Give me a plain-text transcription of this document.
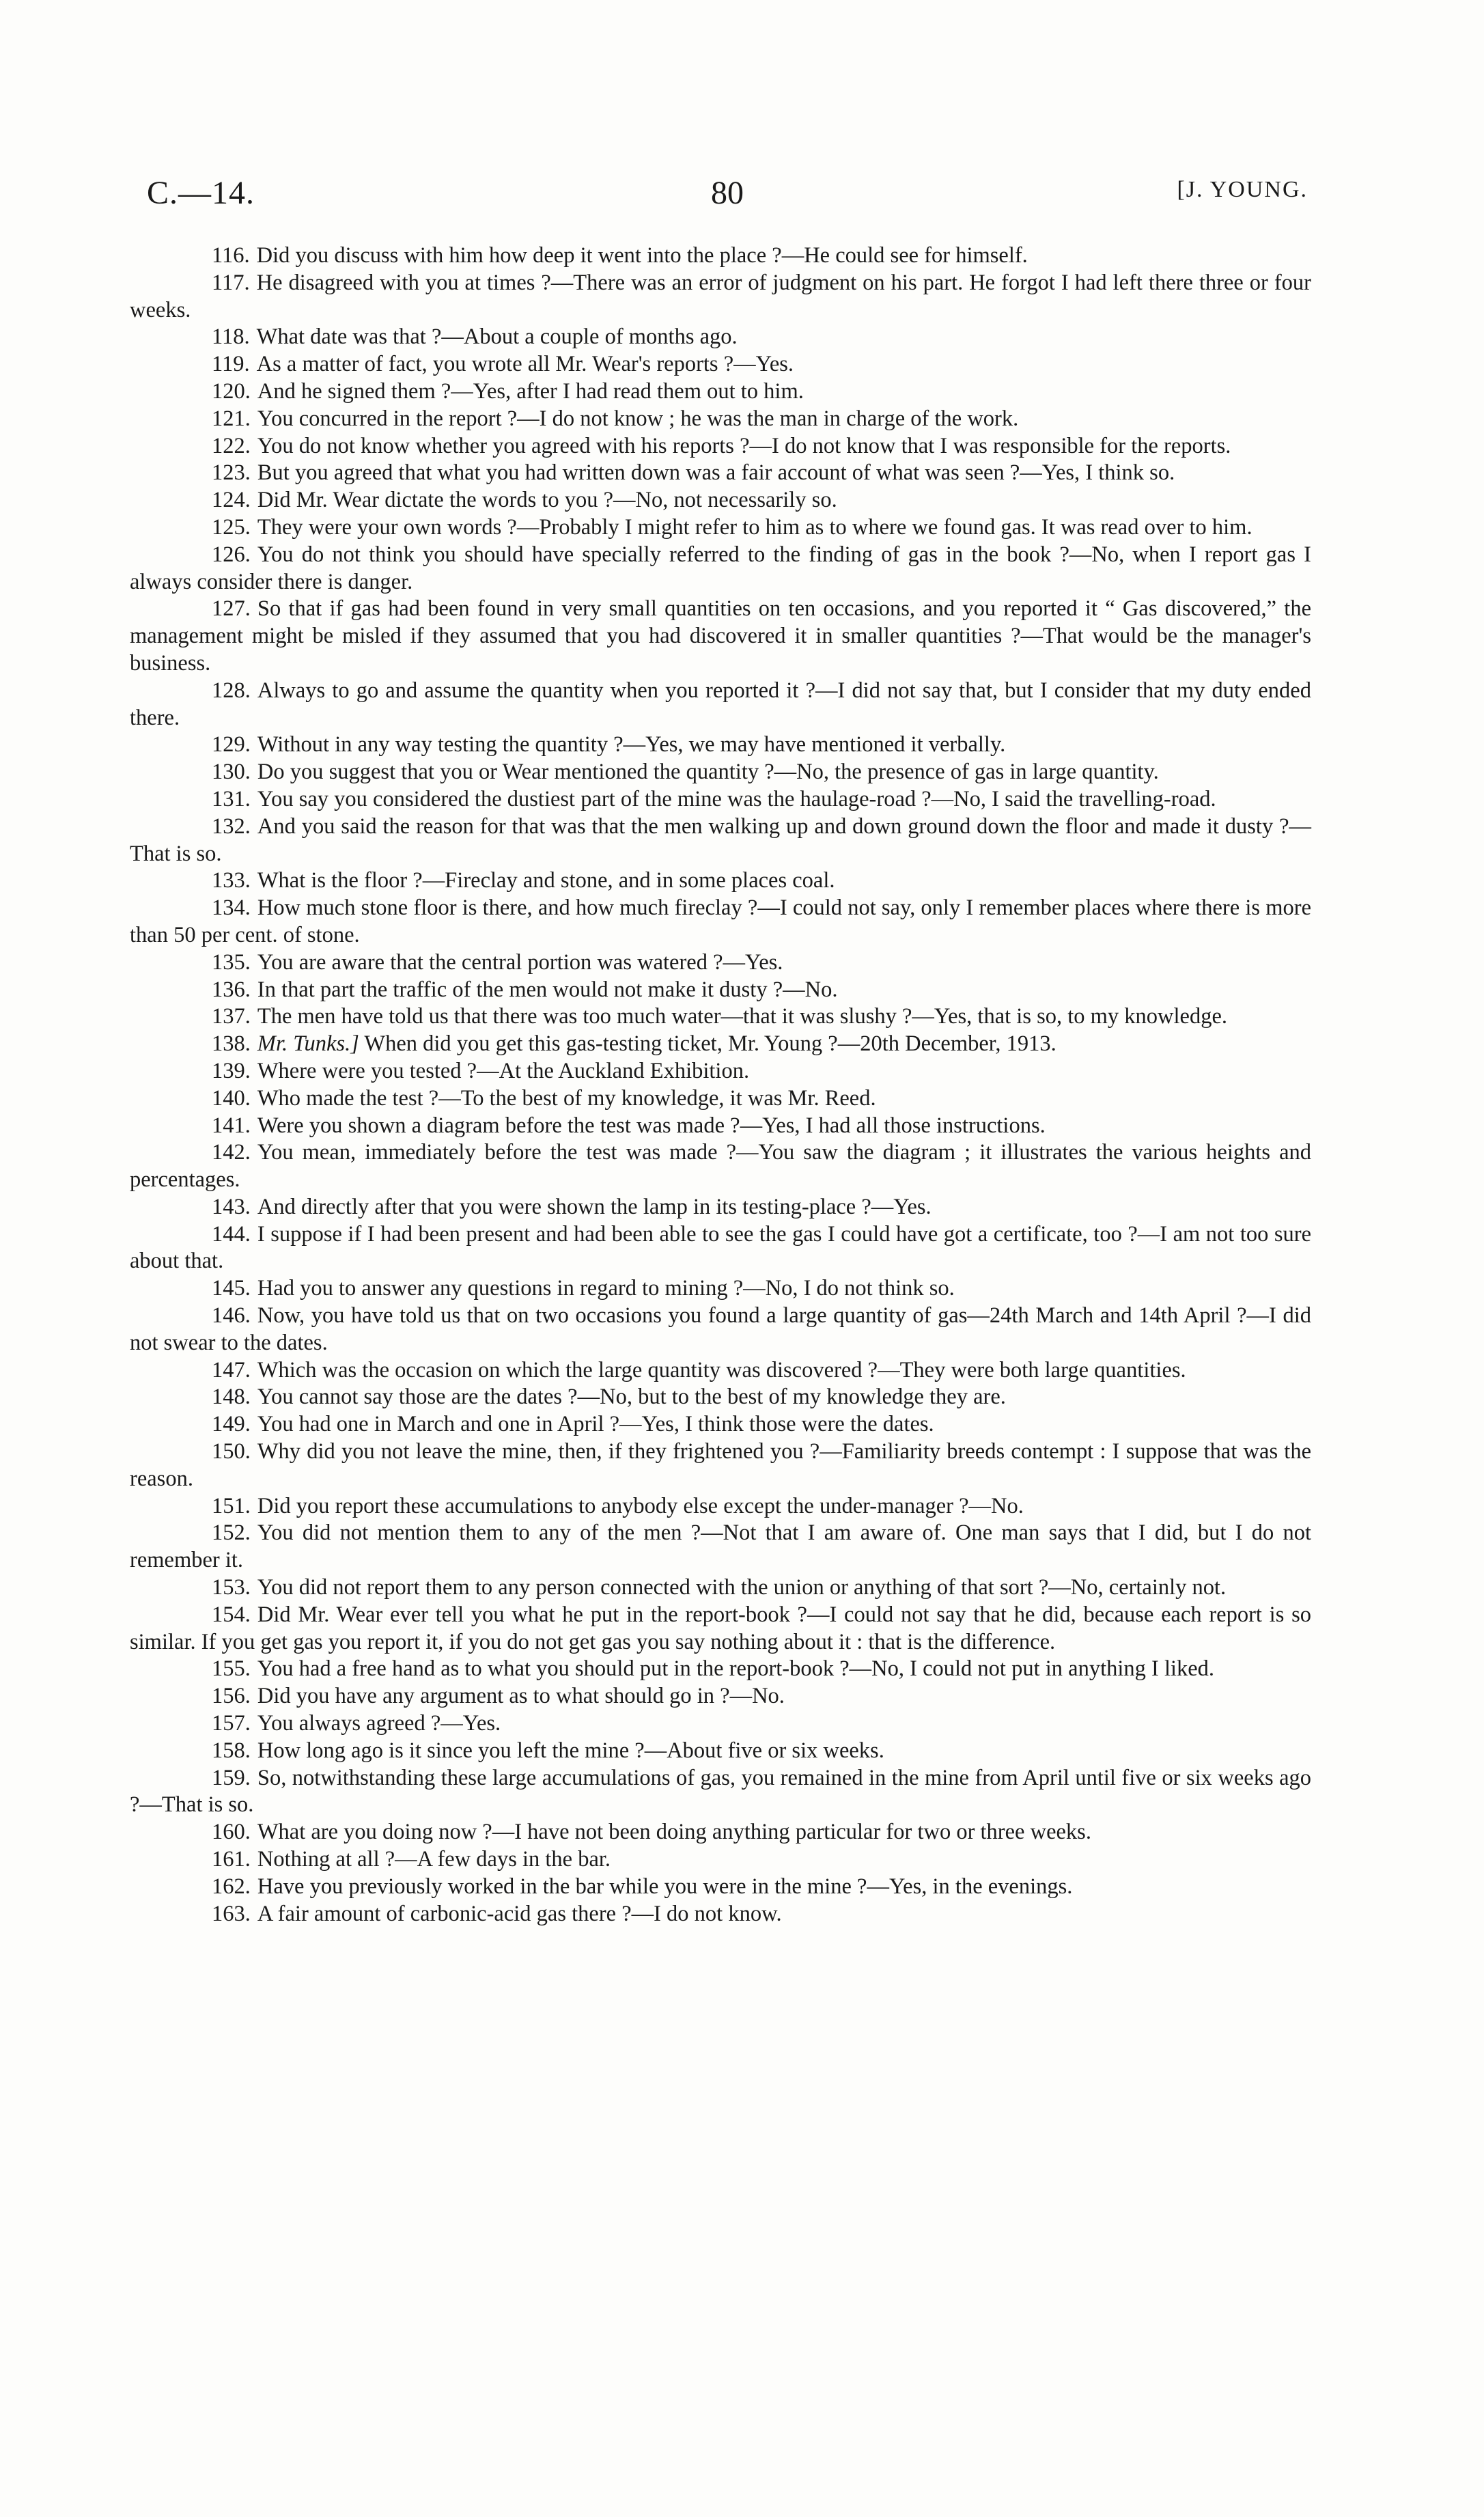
C.—14.	80	[J. YOUNG.

116. Did you discuss with him how deep it went into the place ?—He could see for himself.

117. He disagreed with you at times ?—There was an error of judgment on his part. He forgot I had left there three or four weeks.

118. What date was that ?—About a couple of months ago.

119. As a matter of fact, you wrote all Mr. Wear's reports ?—Yes.

120. And he signed them ?—Yes, after I had read them out to him.

121. You concurred in the report ?—I do not know ; he was the man in charge of the work.

122. You do not know whether you agreed with his reports ?—I do not know that I was responsible for the reports.

123. But you agreed that what you had written down was a fair account of what was seen ?—Yes, I think so.

124. Did Mr. Wear dictate the words to you ?—No, not necessarily so.

125. They were your own words ?—Probably I might refer to him as to where we found gas. It was read over to him.

126. You do not think you should have specially referred to the finding of gas in the book ?—No, when I report gas I always consider there is danger.

127. So that if gas had been found in very small quantities on ten occasions, and you reported it “ Gas discovered,” the management might be misled if they assumed that you had discovered it in smaller quantities ?—That would be the manager's business.

128. Always to go and assume the quantity when you reported it ?—I did not say that, but I consider that my duty ended there.

129. Without in any way testing the quantity ?—Yes, we may have mentioned it verbally.

130. Do you suggest that you or Wear mentioned the quantity ?—No, the presence of gas in large quantity.

131. You say you considered the dustiest part of the mine was the haulage-road ?—No, I said the travelling-road.

132. And you said the reason for that was that the men walking up and down ground down the floor and made it dusty ?—That is so.

133. What is the floor ?—Fireclay and stone, and in some places coal.

134. How much stone floor is there, and how much fireclay ?—I could not say, only I remember places where there is more than 50 per cent. of stone.

135. You are aware that the central portion was watered ?—Yes.

136. In that part the traffic of the men would not make it dusty ?—No.

137. The men have told us that there was too much water—that it was slushy ?—Yes, that is so, to my knowledge.

138. Mr. Tunks.] When did you get this gas-testing ticket, Mr. Young ?—20th December, 1913.

139. Where were you tested ?—At the Auckland Exhibition.

140. Who made the test ?—To the best of my knowledge, it was Mr. Reed.

141. Were you shown a diagram before the test was made ?—Yes, I had all those instructions.

142. You mean, immediately before the test was made ?—You saw the diagram ; it illustrates the various heights and percentages.

143. And directly after that you were shown the lamp in its testing-place ?—Yes.

144. I suppose if I had been present and had been able to see the gas I could have got a certificate, too ?—I am not too sure about that.

145. Had you to answer any questions in regard to mining ?—No, I do not think so.

146. Now, you have told us that on two occasions you found a large quantity of gas—24th March and 14th April ?—I did not swear to the dates.

147. Which was the occasion on which the large quantity was discovered ?—They were both large quantities.

148. You cannot say those are the dates ?—No, but to the best of my knowledge they are.

149. You had one in March and one in April ?—Yes, I think those were the dates.

150. Why did you not leave the mine, then, if they frightened you ?—Familiarity breeds contempt : I suppose that was the reason.

151. Did you report these accumulations to anybody else except the under-manager ?—No.

152. You did not mention them to any of the men ?—Not that I am aware of. One man says that I did, but I do not remember it.

153. You did not report them to any person connected with the union or anything of that sort ?—No, certainly not.

154. Did Mr. Wear ever tell you what he put in the report-book ?—I could not say that he did, because each report is so similar. If you get gas you report it, if you do not get gas you say nothing about it : that is the difference.

155. You had a free hand as to what you should put in the report-book ?—No, I could not put in anything I liked.

156. Did you have any argument as to what should go in ?—No.

157. You always agreed ?—Yes.

158. How long ago is it since you left the mine ?—About five or six weeks.

159. So, notwithstanding these large accumulations of gas, you remained in the mine from April until five or six weeks ago ?—That is so.

160. What are you doing now ?—I have not been doing anything particular for two or three weeks.

161. Nothing at all ?—A few days in the bar.

162. Have you previously worked in the bar while you were in the mine ?—Yes, in the evenings.

163. A fair amount of carbonic-acid gas there ?—I do not know.
